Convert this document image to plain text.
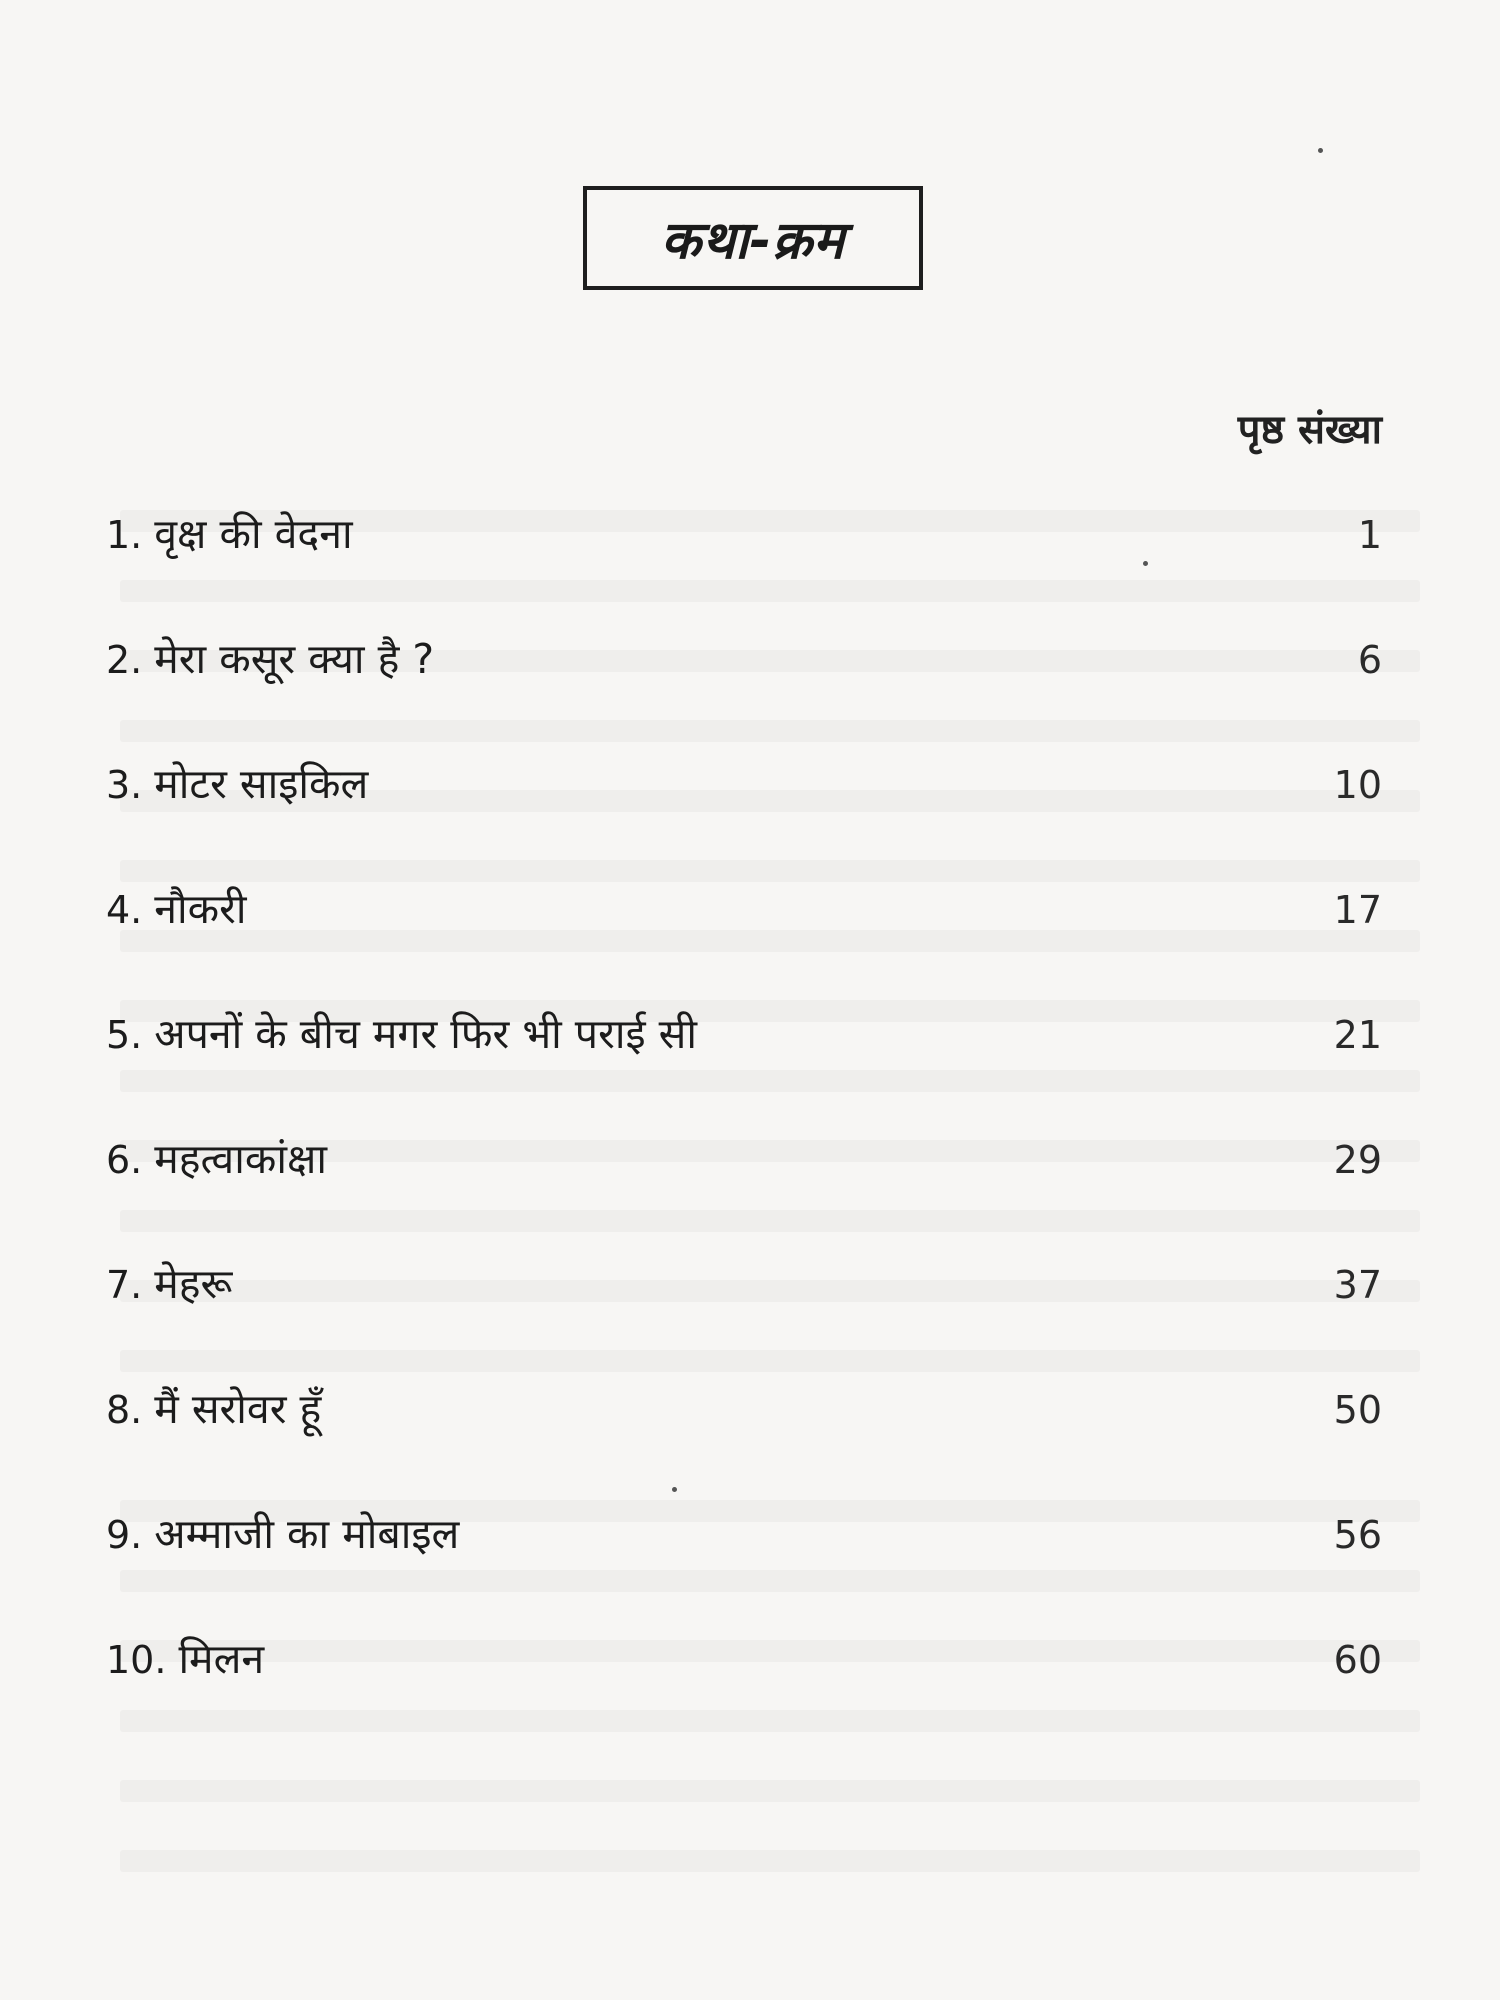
कथा-क्रम
पृष्ठ संख्या
1. वृक्ष की वेदना	1
2. मेरा कसूर क्या है ?	6
3. मोटर साइकिल	10
4. नौकरी	17
5. अपनों के बीच मगर फिर भी पराई सी	21
6. महत्वाकांक्षा	29
7. मेहरू	37
8. मैं सरोवर हूँ	50
9. अम्माजी का मोबाइल	56
10. मिलन	60
